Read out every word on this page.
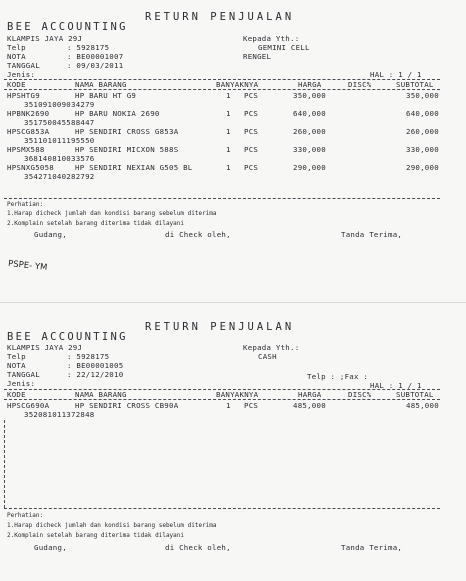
RETURN PENJUALAN
BEE ACCOUNTING
KLAMPIS JAYA 29J
Telp	: 5928175
NOTA	: BE00001007
TANGGAL	: 09/03/2011
Jenis:
Kepada Yth.:
GEMINI CELL
RENGEL
HAL : 1 / 1
KODE	NAMA BARANG	BANYAKNYA	HARGA	DISC%	SUBTOTAL
HPSHTG9	HP BARU HT G9	1 PCS	350,000	350,000
351091009034279
HPBNK2690	HP BARU NOKIA 2690	1 PCS	640,000	640,000
351750045588447
HPSCG853A	HP SENDIRI CROSS G853A	1 PCS	260,000	260,000
351101011195550
HPSMX588	HP SENDIRI MICXON 588S	1 PCS	330,000	330,000
368140810033576
HPSNXG5058	HP SENDIRI NEXIAN G505 BL	1 PCS	290,000	290,000
354271040282792
Perhatian:
1.Harap dicheck jumlah dan kondisi barang sebelum diterima
2.Komplain setelah barang diterima tidak dilayani
Gudang,	di Check oleh,	Tanda Terima,
PSPE- YM
RETURN PENJUALAN
BEE ACCOUNTING
KLAMPIS JAYA 29J
Telp	: 5928175
NOTA	: BE00001005
TANGGAL	: 22/12/2010
Jenis:
Kepada Yth.:
CASH
Telp : ;Fax :
HAL : 1 / 1
KODE	NAMA BARANG	BANYAKNYA	HARGA	DISC%	SUBTOTAL
HPSCG690A	HP SENDIRI CROSS CB90A	1 PCS	485,000	485,000
352081011372848
Perhatian:
1.Harap dicheck jumlah dan kondisi barang sebelum diterima
2.Komplain setelah barang diterima tidak dilayani
Gudang,	di Check oleh,	Tanda Terima,
